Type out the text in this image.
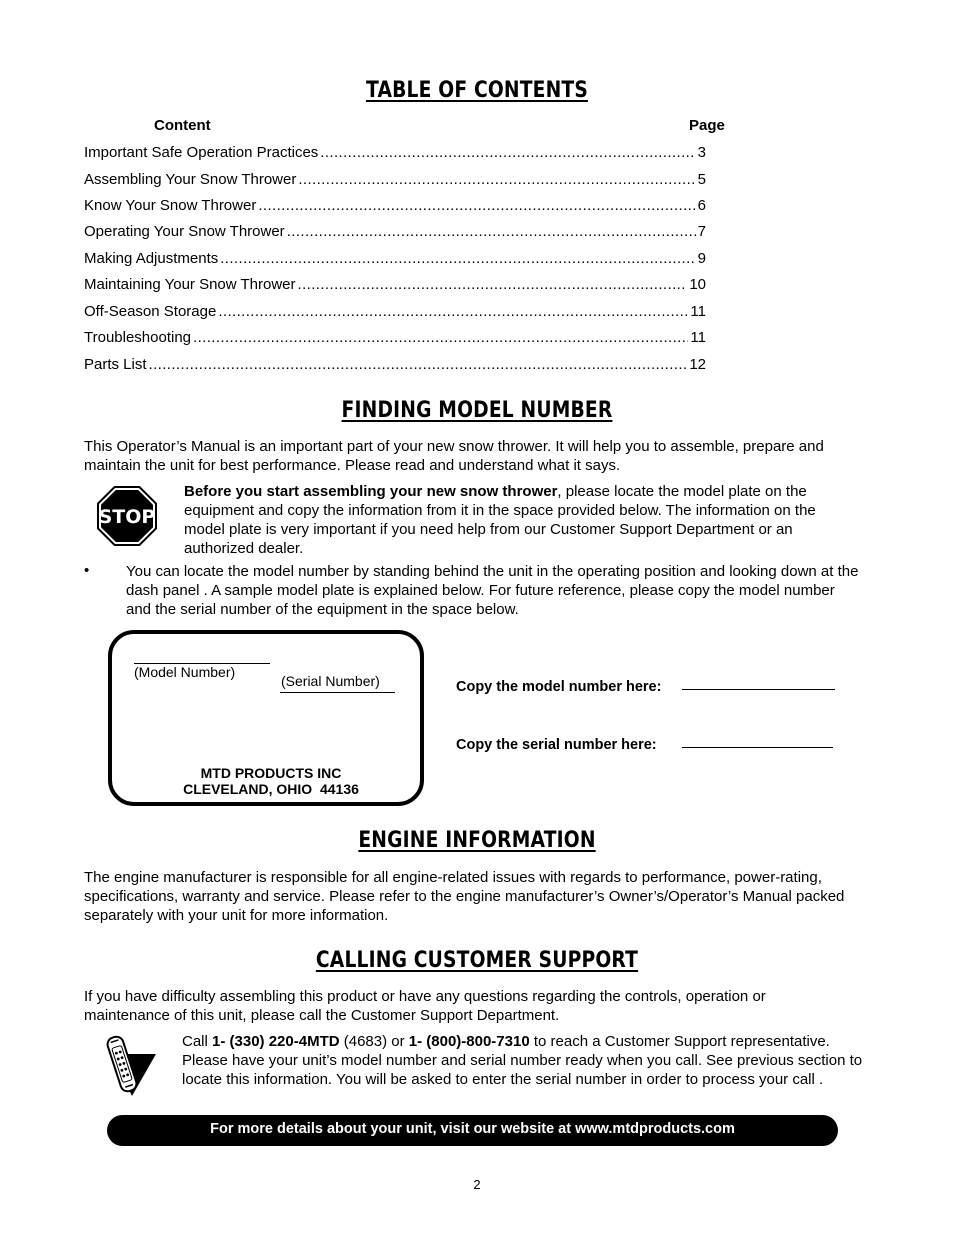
TABLE OF CONTENTS
Content	Page
Important Safe Operation Practices .....	3
Assembling Your Snow Thrower .....	5
Know Your Snow Thrower .....	6
Operating Your Snow Thrower .....	7
Making Adjustments .....	9
Maintaining Your Snow Thrower .....	10
Off-Season Storage .....	11
Troubleshooting .....	11
Parts List .....	12
FINDING MODEL NUMBER
This Operator’s Manual is an important part of your new snow thrower. It will help you to assemble, prepare and maintain the unit for best performance. Please read and understand what it says.
STOP
Before you start assembling your new snow thrower, please locate the model plate on the equipment and copy the information from it in the space provided below. The information on the model plate is very important if you need help from our Customer Support Department or an authorized dealer.
• You can locate the model number by standing behind the unit in the operating position and looking down at the dash panel . A sample model plate is explained below. For future reference, please copy the model number and the serial number of the equipment in the space below.
(Model Number)
(Serial Number)
MTD PRODUCTS INC
CLEVELAND, OHIO  44136
Copy the model number here:
Copy the serial number here:
ENGINE INFORMATION
The engine manufacturer is responsible for all engine-related issues with regards to performance, power-rating, specifications, warranty and service. Please refer to the engine manufacturer’s Owner’s/Operator’s Manual packed separately with your unit for more information.
CALLING CUSTOMER SUPPORT
If you have difficulty assembling this product or have any questions regarding the controls, operation or maintenance of this unit, please call the Customer Support Department.
Call 1- (330) 220-4MTD (4683) or 1- (800)-800-7310 to reach a Customer Support representative. Please have your unit’s model number and serial number ready when you call. See previous section to locate this information. You will be asked to enter the serial number in order to process your call .
For more details about your unit, visit our website at www.mtdproducts.com
2
